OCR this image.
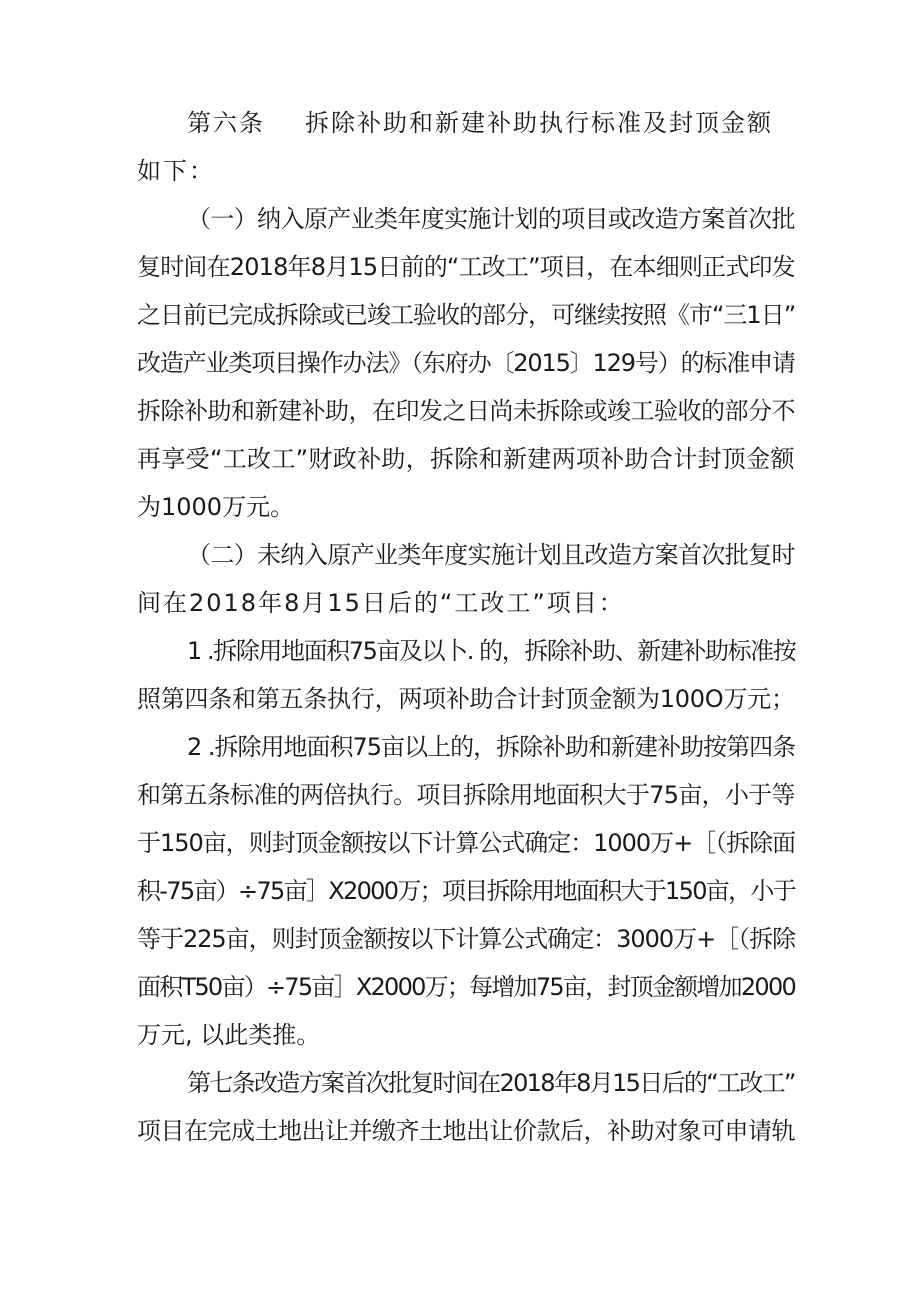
第六条 拆除补助和新建补助执行标准及封顶金额
如下：
（一）纳入原产业类年度实施计划的项目或改造方案首次批
复时间在2018年8月15日前的“工改工”项目，在本细则正式印发
之日前已完成拆除或已竣工验收的部分，可继续按照《市“三1日”
改造产业类项目操作办法》（东府办〔2015〕129号）的标准申请
拆除补助和新建补助，在印发之日尚未拆除或竣工验收的部分不
再享受“工改工”财政补助，拆除和新建两项补助合计封顶金额
为1000万元。
（二）未纳入原产业类年度实施计划且改造方案首次批复时
间在2018年8月15日后的“工改工”项目：
1 .拆除用地面积75亩及以卜. 的，拆除补助、新建补助标准按
照第四条和第五条执行，两项补助合计封顶金额为100O万元；
2 .拆除用地面积75亩以上的，拆除补助和新建补助按第四条
和第五条标准的两倍执行。项目拆除用地面积大于75亩，小于等
于150亩，则封顶金额按以下计算公式确定：1000万+［（拆除面
积-75亩）÷75亩］X2000万；项目拆除用地面积大于150亩，小于
等于225亩，则封顶金额按以下计算公式确定：3000万+［（拆除
面积T50亩）÷75亩］X2000万；每增加75亩，封顶金额增加2000
万元, 以此类推。
第七条改造方案首次批复时间在2018年8月15日后的“工改工”
项目在完成土地出让并缴齐土地出让价款后，补助对象可申请轨
